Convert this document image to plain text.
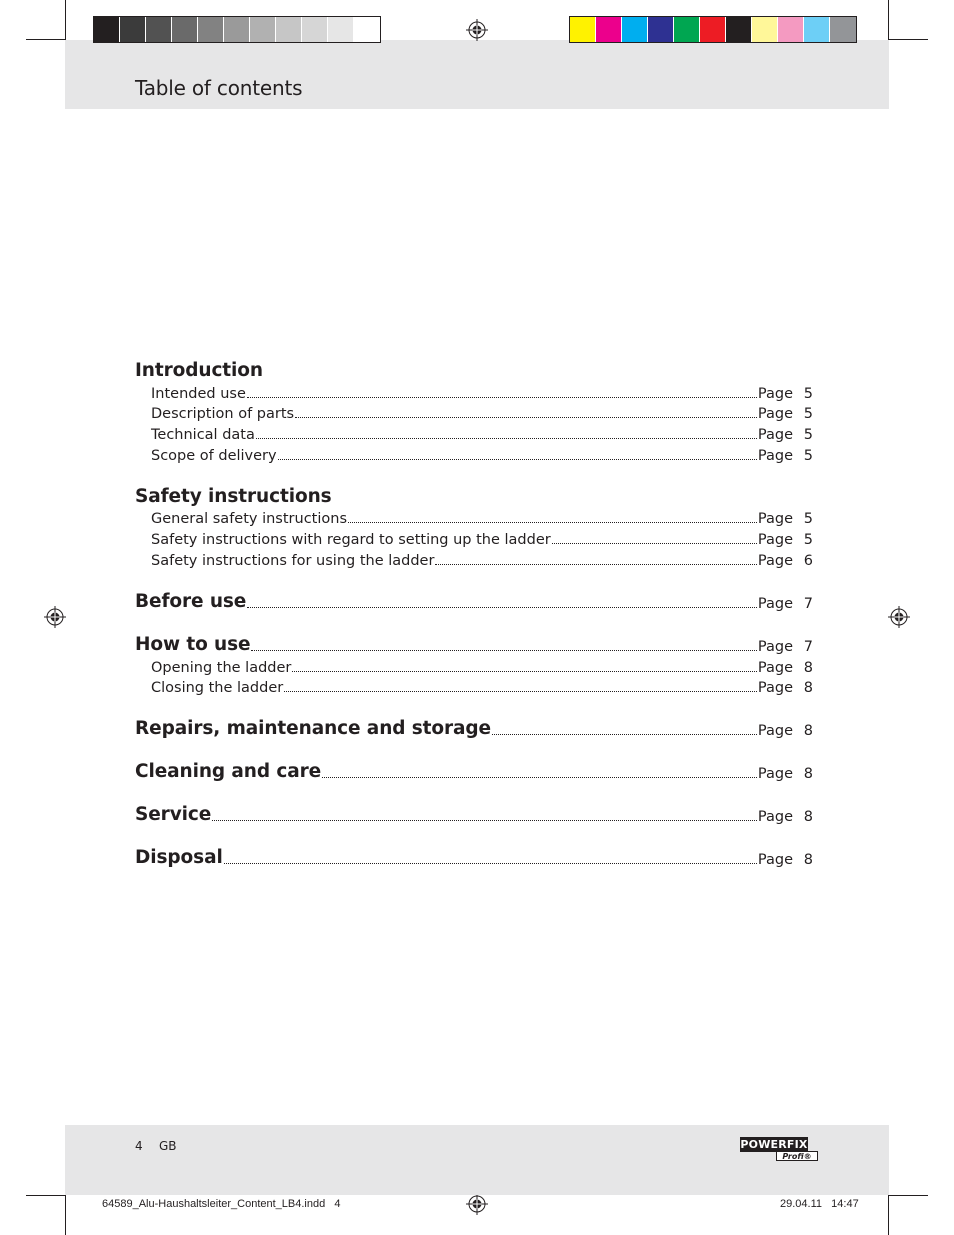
Table of contents
Introduction
Intended use	Page 5
Description of parts	Page 5
Technical data	Page 5
Scope of delivery	Page 5
Safety instructions
General safety instructions	Page 5
Safety instructions with regard to setting up the ladder	Page 5
Safety instructions for using the ladder	Page 6
Before use	Page 7
How to use	Page 7
Opening the ladder	Page 8
Closing the ladder	Page 8
Repairs, maintenance and storage	Page 8
Cleaning and care	Page 8
Service	Page 8
Disposal	Page 8
4 GB	POWERFIX
Profi®
64589_Alu-Haushaltsleiter_Content_LB4.indd   4	29.04.11   14:47
